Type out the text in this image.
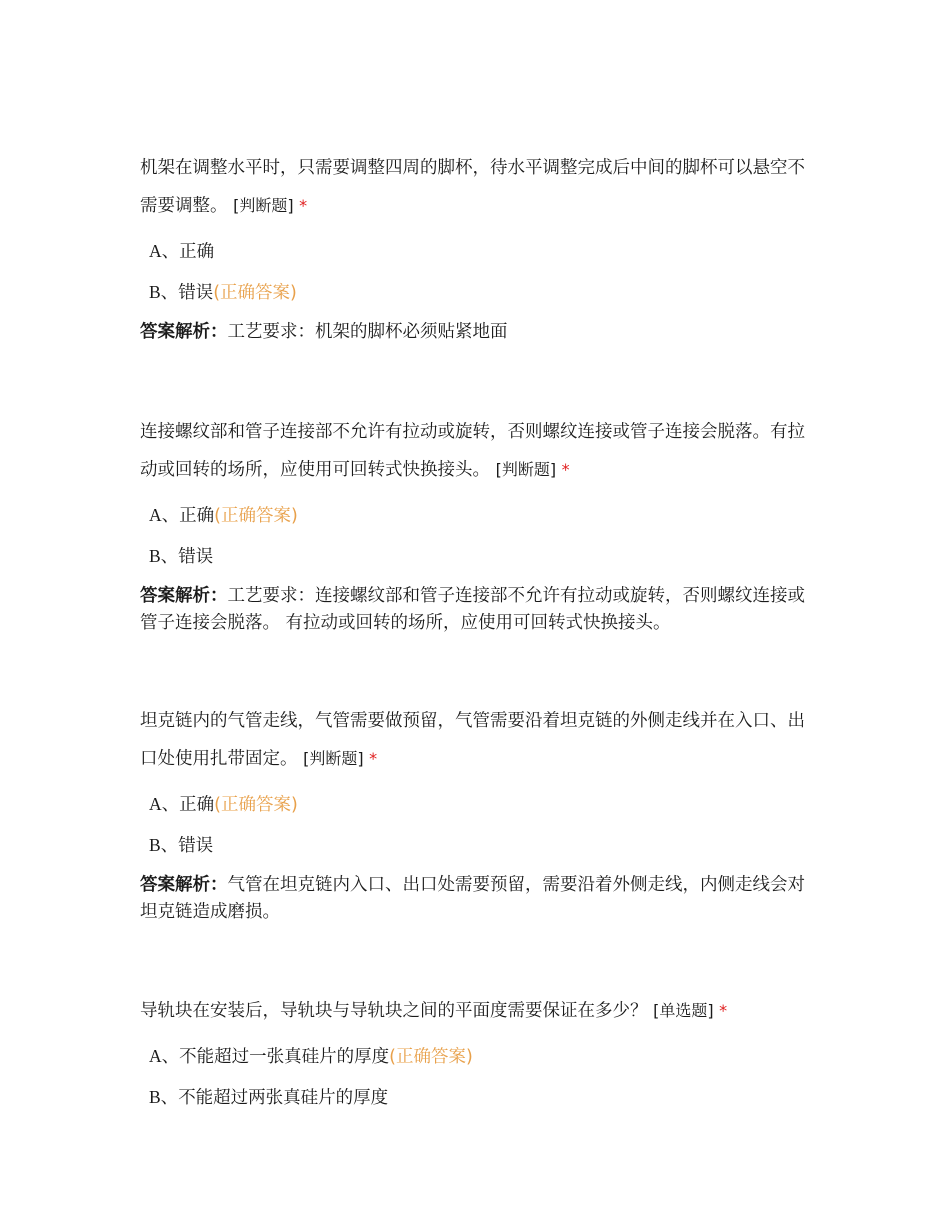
机架在调整水平时，只需要调整四周的脚杯，待水平调整完成后中间的脚杯可以悬空不需要调整。 [判断题] *

A、正确
B、错误(正确答案)
答案解析：工艺要求：机架的脚杯必须贴紧地面

连接螺纹部和管子连接部不允许有拉动或旋转，否则螺纹连接或管子连接会脱落。有拉动或回转的场所，应使用可回转式快换接头。 [判断题] *

A、正确(正确答案)
B、错误
答案解析：工艺要求：连接螺纹部和管子连接部不允许有拉动或旋转，否则螺纹连接或管子连接会脱落。 有拉动或回转的场所，应使用可回转式快换接头。

坦克链内的气管走线，气管需要做预留，气管需要沿着坦克链的外侧走线并在入口、出口处使用扎带固定。 [判断题] *

A、正确(正确答案)
B、错误
答案解析：气管在坦克链内入口、出口处需要预留，需要沿着外侧走线，内侧走线会对坦克链造成磨损。

导轨块在安装后，导轨块与导轨块之间的平面度需要保证在多少？ [单选题] *

A、不能超过一张真硅片的厚度(正确答案)
B、不能超过两张真硅片的厚度
